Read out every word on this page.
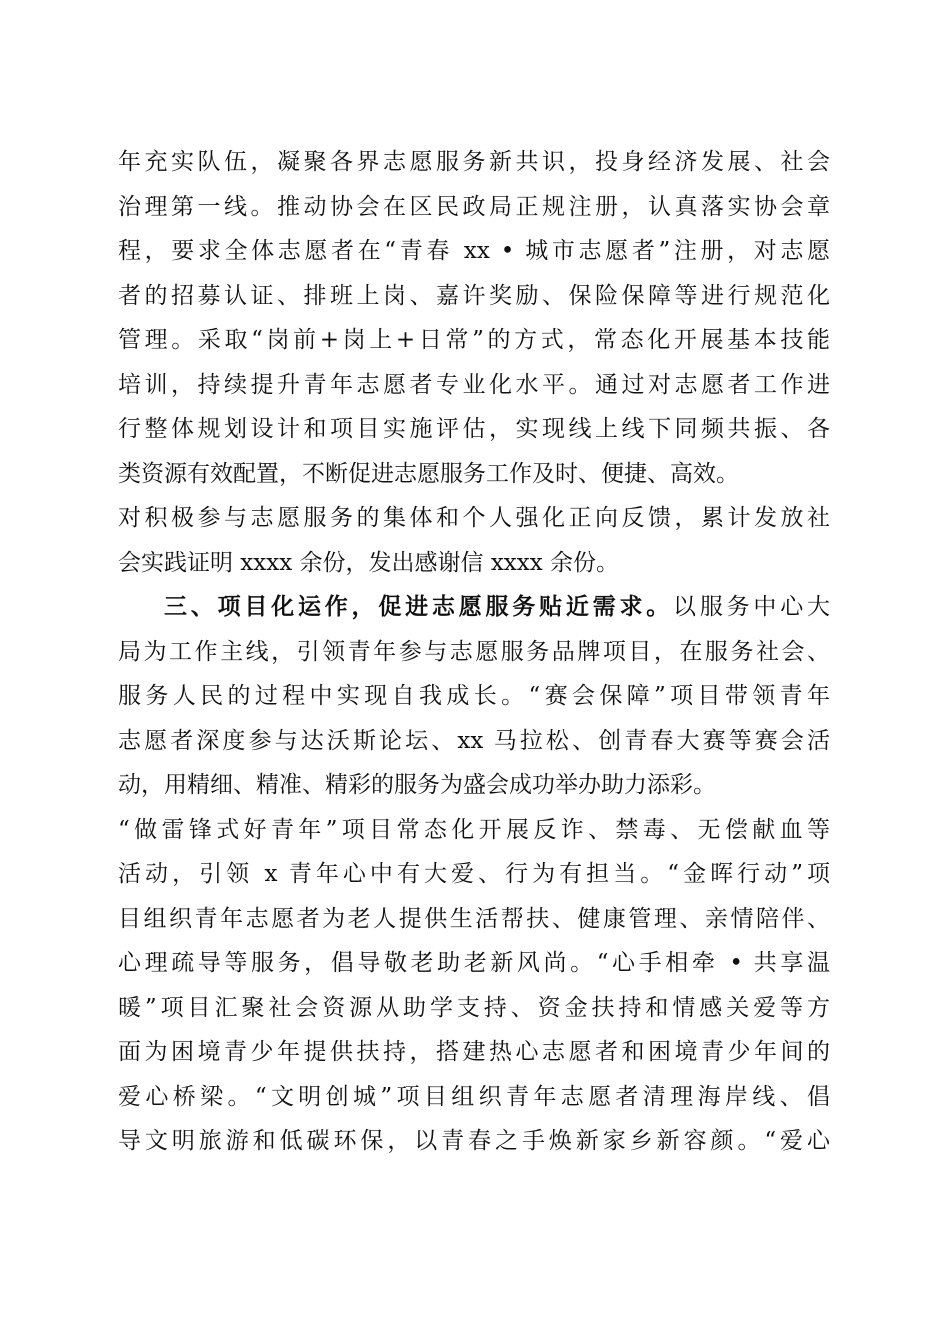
年充实队伍，凝聚各界志愿服务新共识，投身经济发展、社会
治理第一线。推动协会在区民政局正规注册，认真落实协会章
程，要求全体志愿者在“青春 xx • 城市志愿者”注册，对志愿
者的招募认证、排班上岗、嘉许奖励、保险保障等进行规范化
管理。采取“岗前+岗上+日常”的方式，常态化开展基本技能
培训，持续提升青年志愿者专业化水平。通过对志愿者工作进
行整体规划设计和项目实施评估，实现线上线下同频共振、各
类资源有效配置，不断促进志愿服务工作及时、便捷、高效。
对积极参与志愿服务的集体和个人强化正向反馈，累计发放社
会实践证明 xxxx 余份，发出感谢信 xxxx 余份。
三、项目化运作，促进志愿服务贴近需求。以服务中心大
局为工作主线，引领青年参与志愿服务品牌项目，在服务社会、
服务人民的过程中实现自我成长。“赛会保障”项目带领青年
志愿者深度参与达沃斯论坛、xx 马拉松、创青春大赛等赛会活
动，用精细、精准、精彩的服务为盛会成功举办助力添彩。
“做雷锋式好青年”项目常态化开展反诈、禁毒、无偿献血等
活动，引领 x 青年心中有大爱、行为有担当。“金晖行动”项
目组织青年志愿者为老人提供生活帮扶、健康管理、亲情陪伴、
心理疏导等服务，倡导敬老助老新风尚。“心手相牵 • 共享温
暖”项目汇聚社会资源从助学支持、资金扶持和情感关爱等方
面为困境青少年提供扶持，搭建热心志愿者和困境青少年间的
爱心桥梁。“文明创城”项目组织青年志愿者清理海岸线、倡
导文明旅游和低碳环保，以青春之手焕新家乡新容颜。“爱心
